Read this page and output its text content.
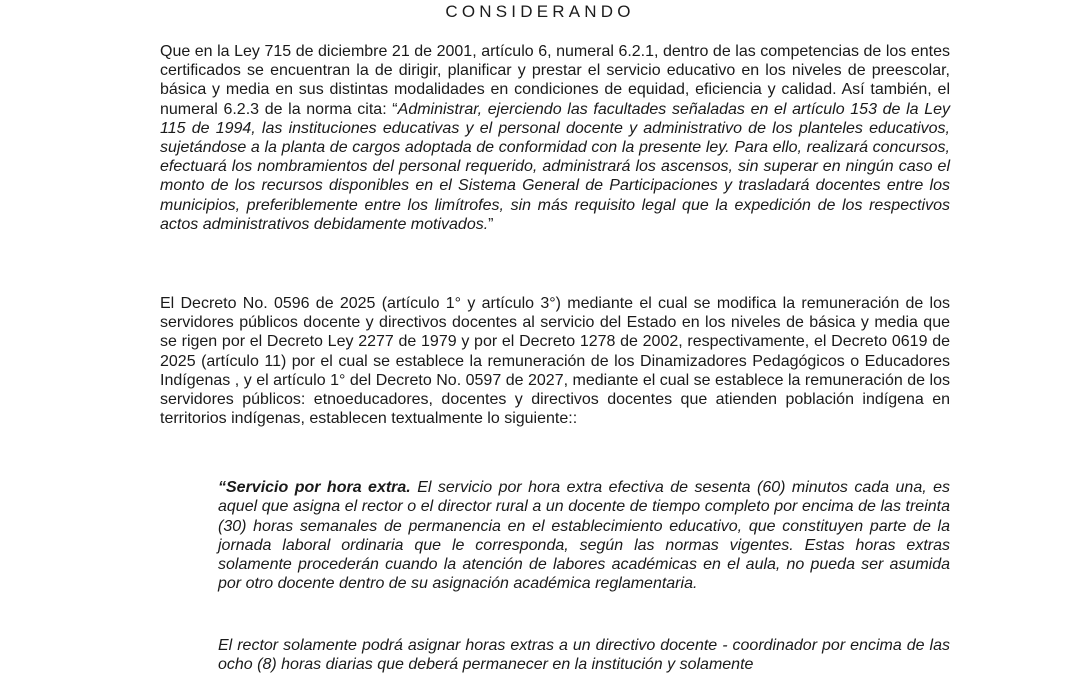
CONSIDERANDO

Que en la Ley 715 de diciembre 21 de 2001, artículo 6, numeral 6.2.1, dentro de las competencias de los entes certificados se encuentran la de dirigir, planificar y prestar el servicio educativo en los niveles de preescolar, básica y media en sus distintas modalidades en condiciones de equidad, eficiencia y calidad. Así también, el numeral 6.2.3 de la norma cita: “Administrar, ejerciendo las facultades señaladas en el artículo 153 de la Ley 115 de 1994, las instituciones educativas y el personal docente y administrativo de los planteles educativos, sujetándose a la planta de cargos adoptada de conformidad con la presente ley. Para ello, realizará concursos, efectuará los nombramientos del personal requerido, administrará los ascensos, sin superar en ningún caso el monto de los recursos disponibles en el Sistema General de Participaciones y trasladará docentes entre los municipios, preferiblemente entre los limítrofes, sin más requisito legal que la expedición de los respectivos actos administrativos debidamente motivados.”

El Decreto No. 0596 de 2025 (artículo 1° y artículo 3°) mediante el cual se modifica la remuneración de los servidores públicos docente y directivos docentes al servicio del Estado en los niveles de básica y media que se rigen por el Decreto Ley 2277 de 1979 y por el Decreto 1278 de 2002, respectivamente, el Decreto 0619 de 2025 (artículo 11) por el cual se establece la remuneración de los Dinamizadores Pedagógicos o Educadores Indígenas , y el artículo 1° del Decreto No. 0597 de 2027, mediante el cual se establece la remuneración de los servidores públicos: etnoeducadores, docentes y directivos docentes que atienden población indígena en territorios indígenas, establecen textualmente lo siguiente::

“Servicio por hora extra. El servicio por hora extra efectiva de sesenta (60) minutos cada una, es aquel que asigna el rector o el director rural a un docente de tiempo completo por encima de las treinta (30) horas semanales de permanencia en el establecimiento educativo, que constituyen parte de la jornada laboral ordinaria que le corresponda, según las normas vigentes. Estas horas extras solamente procederán cuando la atención de labores académicas en el aula, no pueda ser asumida por otro docente dentro de su asignación académica reglamentaria.

El rector solamente podrá asignar horas extras a un directivo docente - coordinador por encima de las ocho (8) horas diarias que deberá permanecer en la institución y solamente
